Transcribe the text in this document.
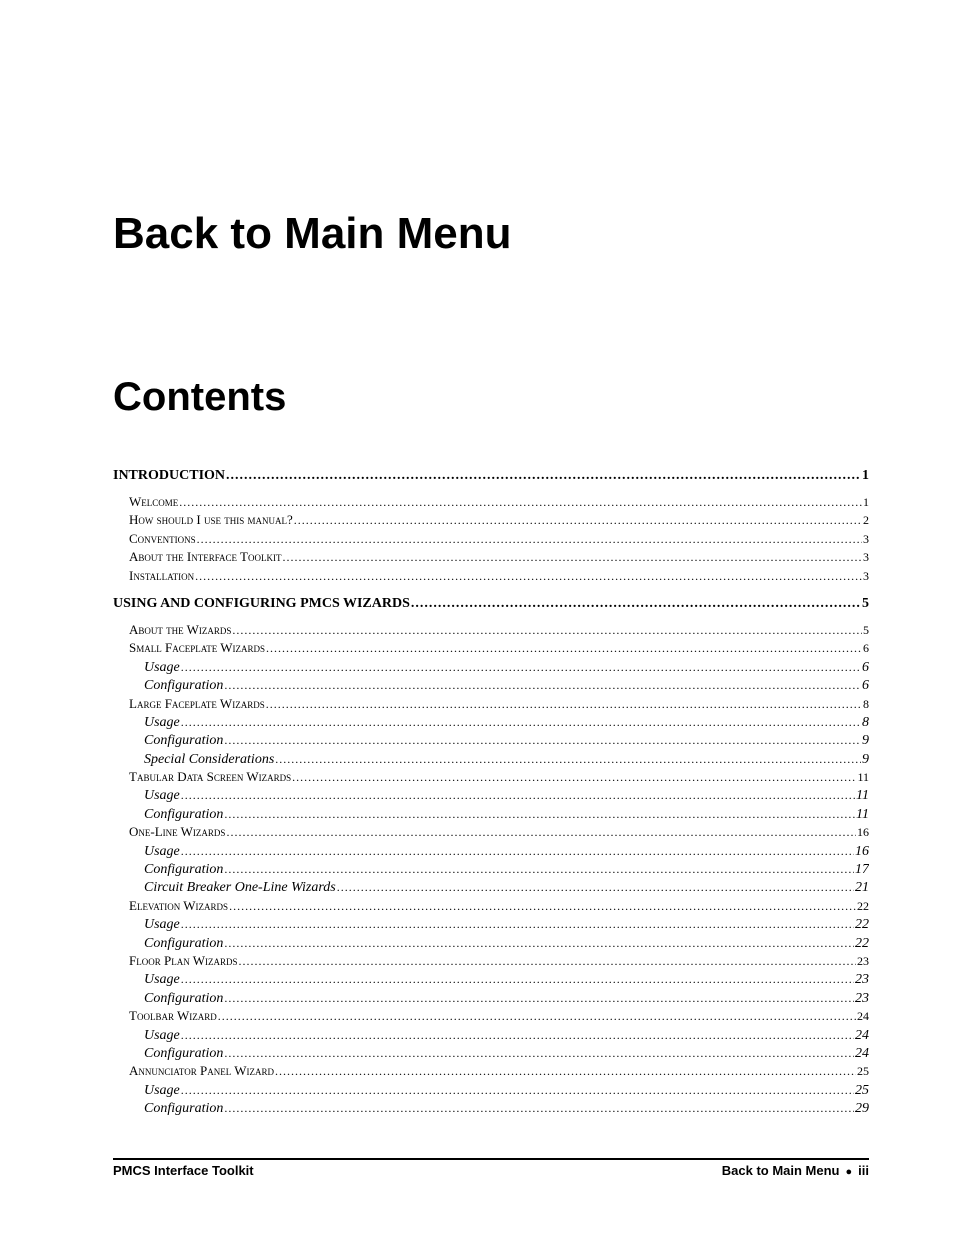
Back to Main Menu
Contents
INTRODUCTION .....	1
Welcome .....	1
How should I use this manual? .....	2
Conventions .....	3
About the Interface Toolkit .....	3
Installation .....	3
USING AND CONFIGURING PMCS WIZARDS .....	5
About the Wizards .....	5
Small Faceplate Wizards .....	6
Usage .....	6
Configuration .....	6
Large Faceplate Wizards .....	8
Usage .....	8
Configuration .....	9
Special Considerations .....	9
Tabular Data Screen Wizards .....	11
Usage .....	11
Configuration .....	11
One-Line Wizards .....	16
Usage .....	16
Configuration .....	17
Circuit Breaker One-Line Wizards .....	21
Elevation Wizards .....	22
Usage .....	22
Configuration .....	22
Floor Plan Wizards .....	23
Usage .....	23
Configuration .....	23
Toolbar Wizard .....	24
Usage .....	24
Configuration .....	24
Annunciator Panel Wizard .....	25
Usage .....	25
Configuration .....	29
PMCS Interface Toolkit	Back to Main Menu ● iii
